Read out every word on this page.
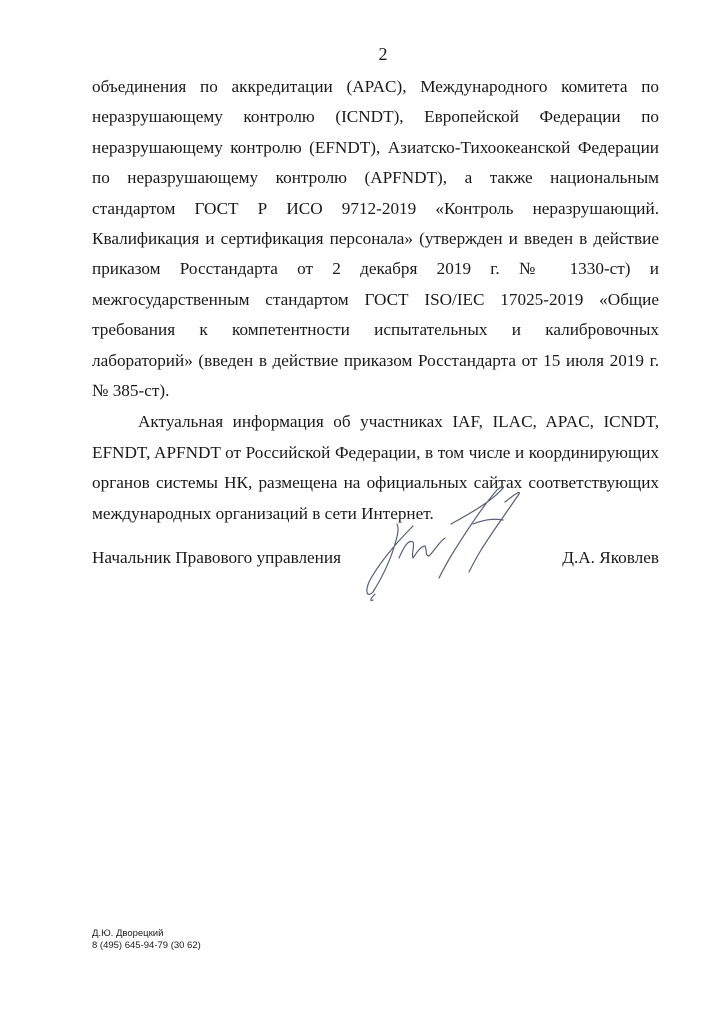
2

объединения по аккредитации (APAC), Международного комитета по неразрушающему контролю (ICNDT), Европейской Федерации по неразрушающему контролю (EFNDT), Азиатско-Тихоокеанской Федерации по неразрушающему контролю (APFNDT), а также национальным стандартом ГОСТ Р ИСО 9712-2019 «Контроль неразрушающий. Квалификация и сертификация персонала» (утвержден и введен в действие приказом Росстандарта от 2 декабря 2019 г. № 1330-ст) и межгосударственным стандартом ГОСТ ISO/IEC 17025-2019 «Общие требования к компетентности испытательных и калибровочных лабораторий» (введен в действие приказом Росстандарта от 15 июля 2019 г. № 385-ст).

Актуальная информация об участниках IAF, ILAC, APAC, ICNDT, EFNDT, APFNDT от Российской Федерации, в том числе и координирующих органов системы НК, размещена на официальных сайтах соответствующих международных организаций в сети Интернет.

Начальник Правового управления	Д.А. Яковлев
Д.Ю. Дворецкий
8 (495) 645-94-79 (30 62)
